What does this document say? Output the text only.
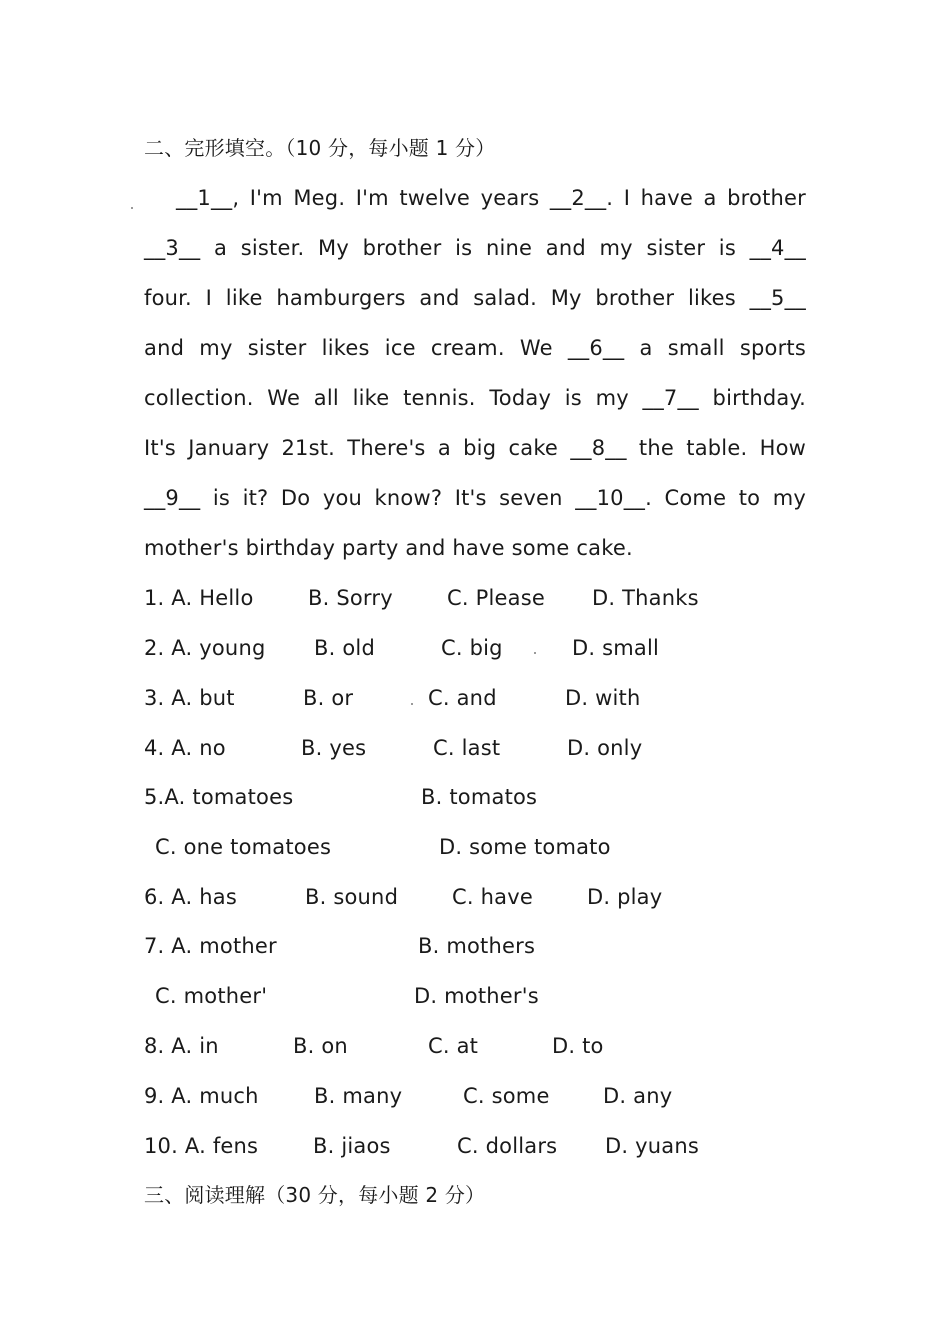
二、完形填空。（10 分，每小题 1 分）
__1__, I'm Meg. I'm twelve years __2__. I have a brother
__3__ a sister. My brother is nine and my sister is __4__
four. I like hamburgers and salad. My brother likes __5__
and my sister likes ice cream. We __6__ a small sports
collection. We all like tennis. Today is my __7__ birthday.
It's January 21st. There's a big cake __8__ the table. How
__9__ is it? Do you know? It's seven __10__. Come to my
mother's birthday party and have some cake.
1. A. Hello	B. Sorry	C. Please D. Thanks
2. A. young B. old	C. big	D. small
3. A. but	B. or	C. and	D. with
4. A. no	B. yes	C. last	D. only
5.A. tomatoes	B. tomatos
C. one tomatoes	D. some tomato
6. A. has	B. sound	C. have	D. play
7. A. mother	B. mothers
C. mother'	D. mother's
8. A. in	B. on	C. at	D. to
9. A. much	B. many	C. some	D. any
10. A. fens	B. jiaos	C. dollars D. yuans
三、阅读理解（30 分，每小题 2 分）
